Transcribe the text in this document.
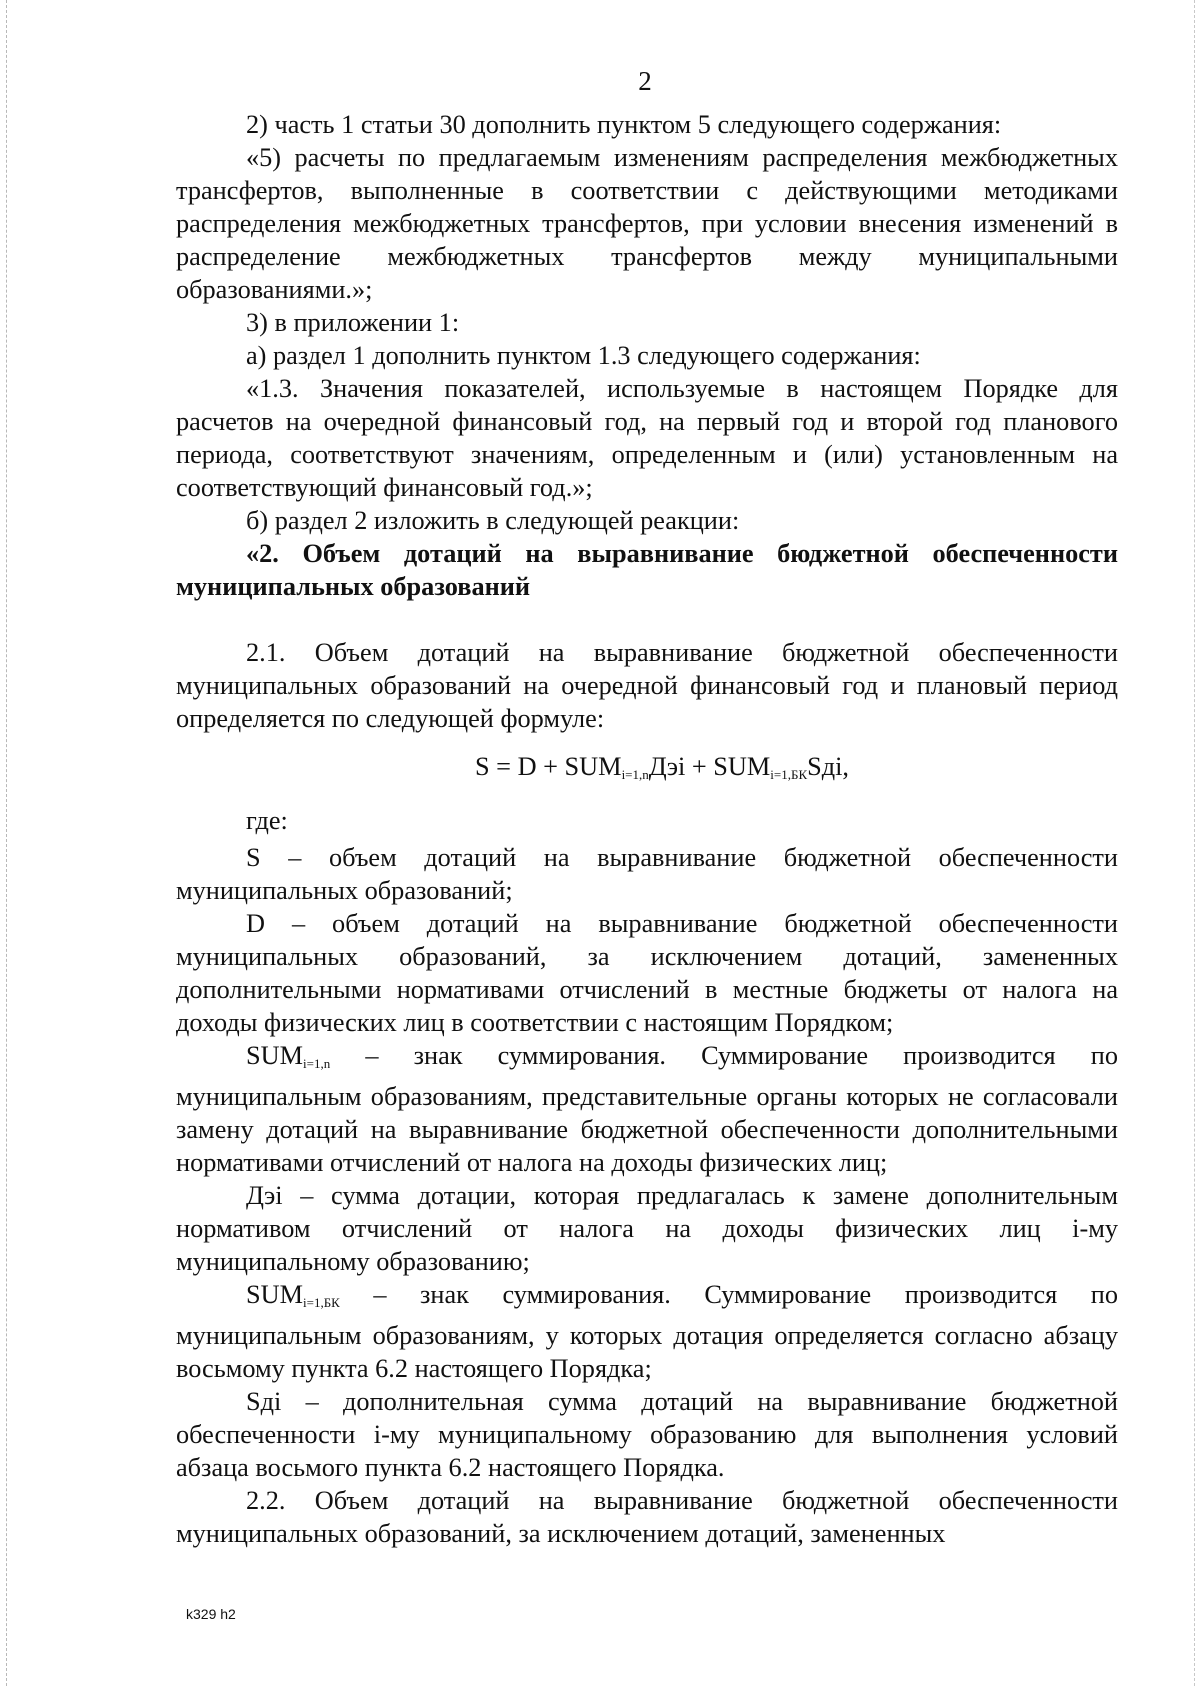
2

2) часть 1 статьи 30 дополнить пунктом 5 следующего содержания:

«5) расчеты по предлагаемым изменениям распределения межбюджетных трансфертов, выполненные в соответствии с действующими методиками распределения межбюджетных трансфертов, при условии внесения изменений в распределение межбюджетных трансфертов между муниципальными образованиями.»;

3) в приложении 1:

а) раздел 1 дополнить пунктом 1.3 следующего содержания:

«1.3. Значения показателей, используемые в настоящем Порядке для расчетов на очередной финансовый год, на первый год и второй год планового периода, соответствуют значениям, определенным и (или) установленным на соответствующий финансовый год.»;

б) раздел 2 изложить в следующей реакции:

«2. Объем дотаций на выравнивание бюджетной обеспеченности муниципальных образований

2.1. Объем дотаций на выравнивание бюджетной обеспеченности муниципальных образований на очередной финансовый год и плановый период определяется по следующей формуле:

$S = D + SUM_{i=1,n}Дэi + SUM_{i=1,БК}Sдi$,

где:

S – объем дотаций на выравнивание бюджетной обеспеченности муниципальных образований;

D – объем дотаций на выравнивание бюджетной обеспеченности муниципальных образований, за исключением дотаций, замененных дополнительными нормативами отчислений в местные бюджеты от налога на доходы физических лиц в соответствии с настоящим Порядком;

$SUM_{i=1,n}$ – знак суммирования. Суммирование производится по муниципальным образованиям, представительные органы которых не согласовали замену дотаций на выравнивание бюджетной обеспеченности дополнительными нормативами отчислений от налога на доходы физических лиц;

Дэi – сумма дотации, которая предлагалась к замене дополнительным нормативом отчислений от налога на доходы физических лиц i-му муниципальному образованию;

$SUM_{i=1,БК}$ – знак суммирования. Суммирование производится по муниципальным образованиям, у которых дотация определяется согласно абзацу восьмому пункта 6.2 настоящего Порядка;

Sдi – дополнительная сумма дотаций на выравнивание бюджетной обеспеченности i-му муниципальному образованию для выполнения условий абзаца восьмого пункта 6.2 настоящего Порядка.

2.2. Объем дотаций на выравнивание бюджетной обеспеченности муниципальных образований, за исключением дотаций, замененных

k329 h2
